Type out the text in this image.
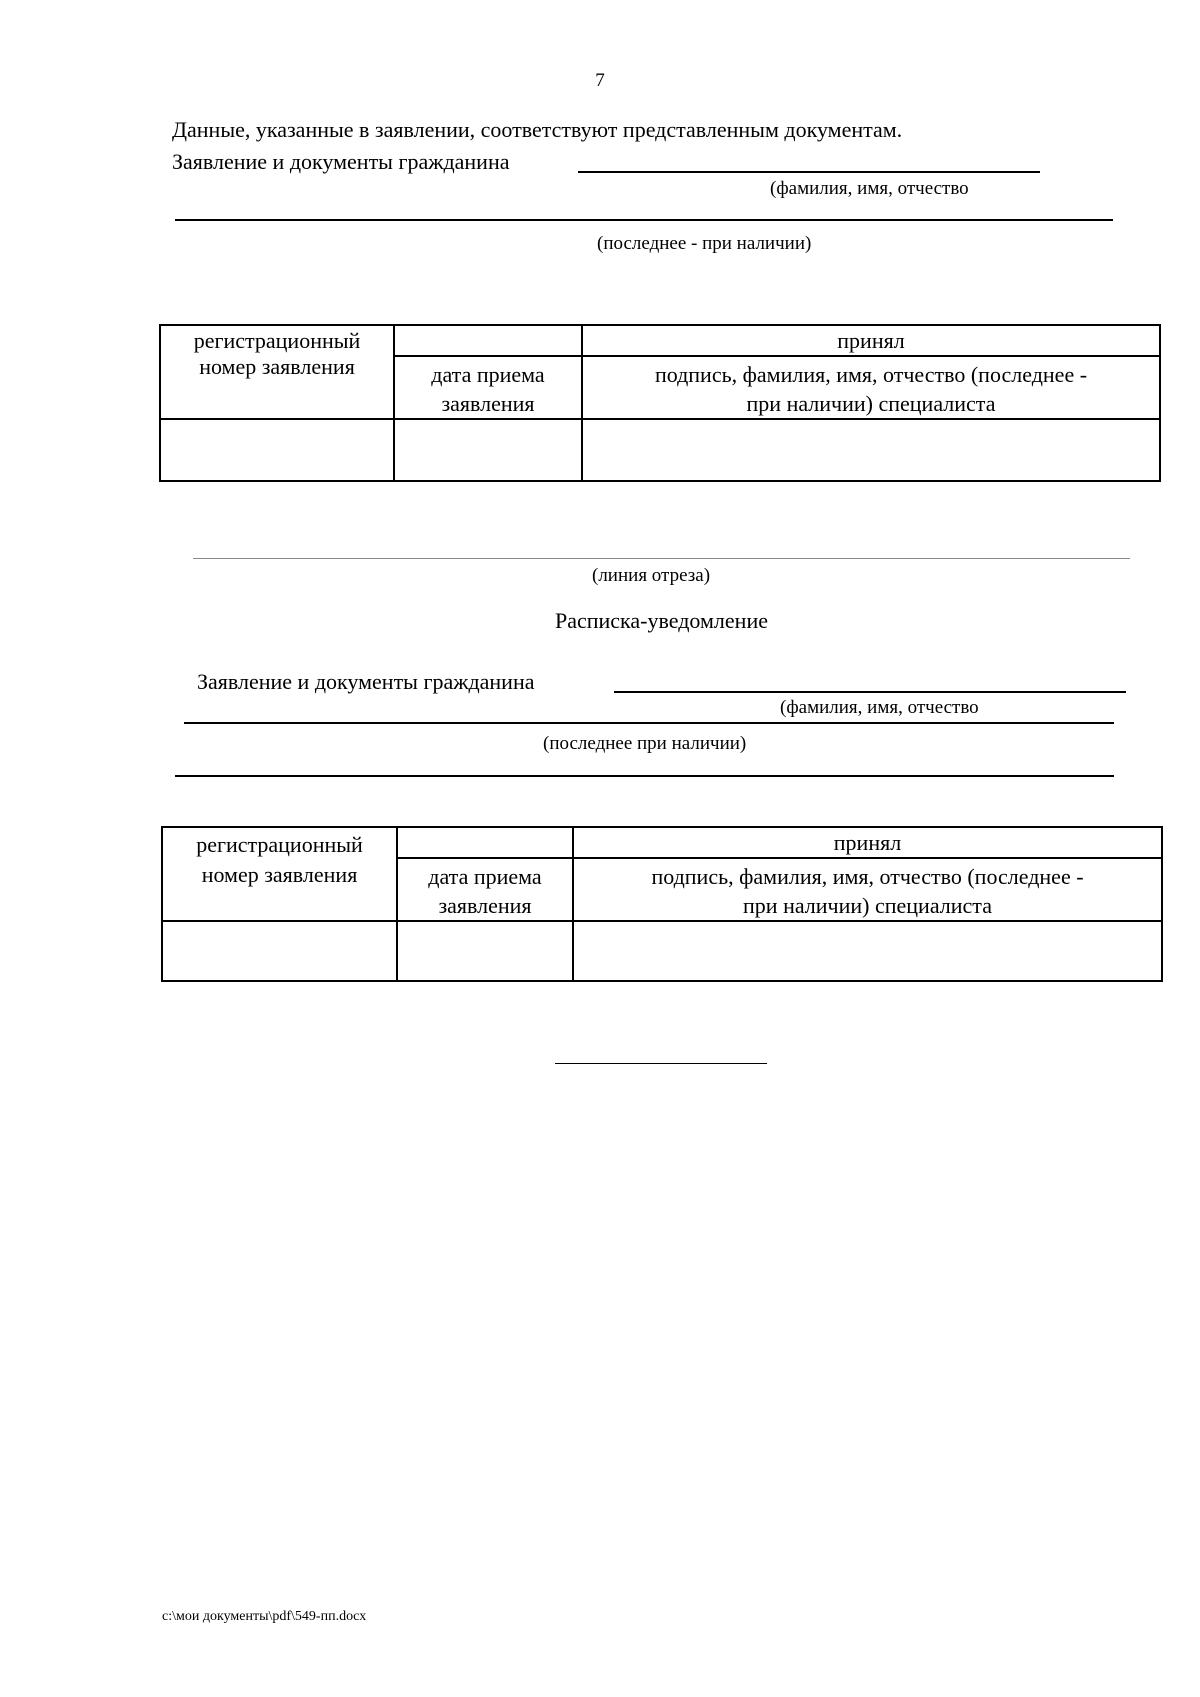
7
Данные, указанные в заявлении, соответствуют представленным документам.
Заявление и документы гражданина
(фамилия, имя, отчество
(последнее - при наличии)
регистрационный номер заявления		принял
	дата приема заявления	подпись, фамилия, имя, отчество (последнее - при наличии) специалиста

(линия отреза)
Расписка-уведомление
Заявление и документы гражданина
(фамилия, имя, отчество
(последнее при наличии)
регистрационный номер заявления		принял
	дата приема заявления	подпись, фамилия, имя, отчество (последнее - при наличии) специалиста

c:\мои документы\pdf\549-пп.docx
